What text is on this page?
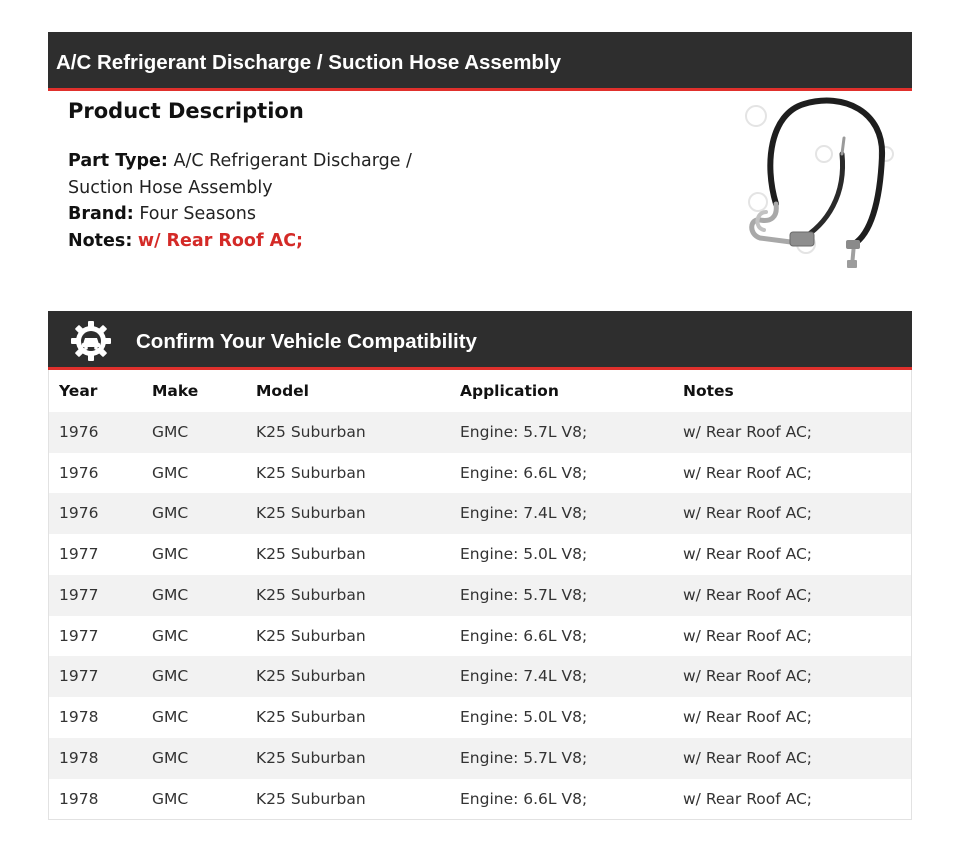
A/C Refrigerant Discharge / Suction Hose Assembly
Product Description
Part Type: A/C Refrigerant Discharge /
Suction Hose Assembly
Brand: Four Seasons
Notes: w/ Rear Roof AC;
Confirm Your Vehicle Compatibility
Year	Make	Model	Application	Notes
1976	GMC	K25 Suburban	Engine: 5.7L V8;	w/ Rear Roof AC;
1976	GMC	K25 Suburban	Engine: 6.6L V8;	w/ Rear Roof AC;
1976	GMC	K25 Suburban	Engine: 7.4L V8;	w/ Rear Roof AC;
1977	GMC	K25 Suburban	Engine: 5.0L V8;	w/ Rear Roof AC;
1977	GMC	K25 Suburban	Engine: 5.7L V8;	w/ Rear Roof AC;
1977	GMC	K25 Suburban	Engine: 6.6L V8;	w/ Rear Roof AC;
1977	GMC	K25 Suburban	Engine: 7.4L V8;	w/ Rear Roof AC;
1978	GMC	K25 Suburban	Engine: 5.0L V8;	w/ Rear Roof AC;
1978	GMC	K25 Suburban	Engine: 5.7L V8;	w/ Rear Roof AC;
1978	GMC	K25 Suburban	Engine: 6.6L V8;	w/ Rear Roof AC;
